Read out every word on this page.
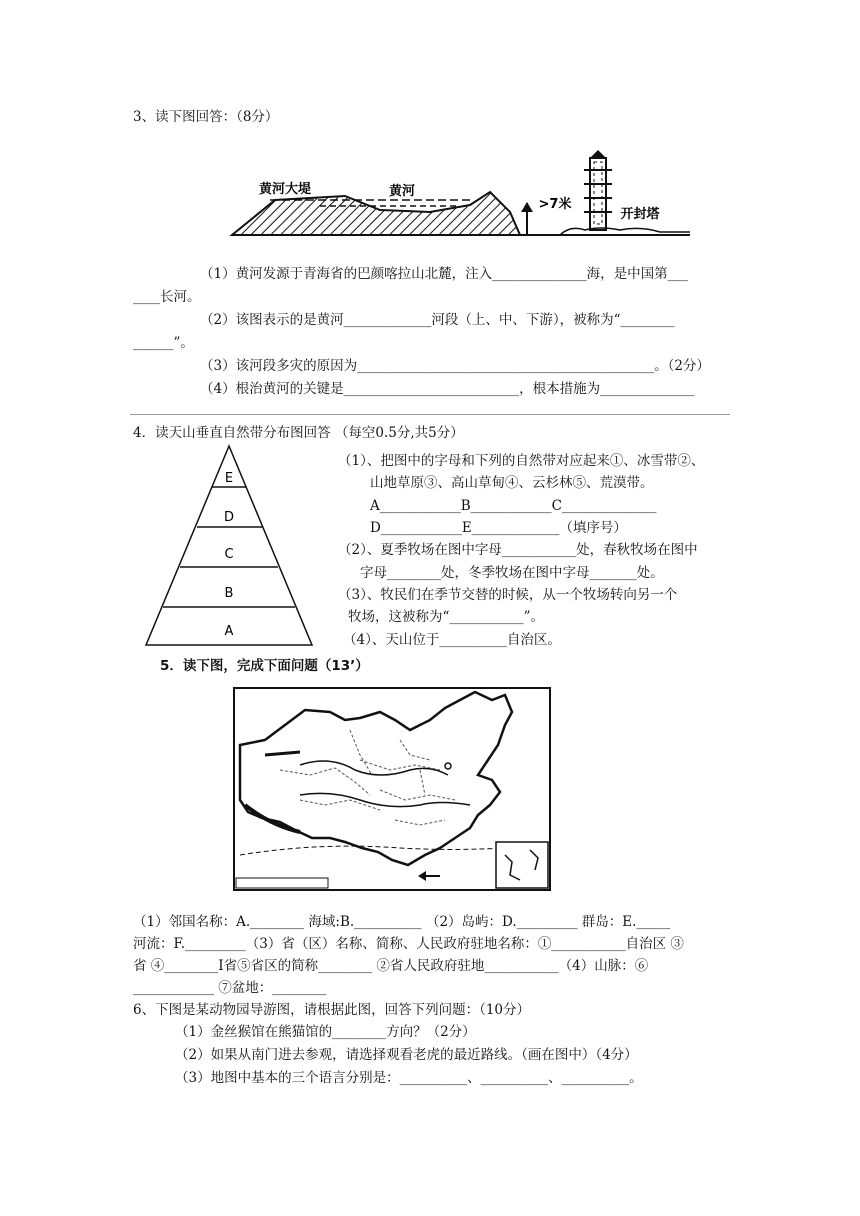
3、读下图回答：（8分）
黄河大堤	黄河
>7米
开封塔
（1）黄河发源于青海省的巴颜喀拉山北麓，注入______________海，是中国第___
____长河。
（2）该图表示的是黄河_____________河段（上、中、下游），被称为“________
______”。
（3）该河段多灾的原因为____________________________________________。（2分）
（4）根治黄河的关键是__________________________，根本措施为______________
4．读天山垂直自然带分布图回答 （每空0.5分,共5分）
E
D
C
B
A
（1）、把图中的字母和下列的自然带对应起来①、冰雪带②、
山地草原③、高山草甸④、云杉林⑤、荒漠带。
A____________B____________C______________
D____________E_____________（填序号）
（2）、夏季牧场在图中字母___________处，春秋牧场在图中
字母________处，冬季牧场在图中字母_______处。
（3）、牧民们在季节交替的时候，从一个牧场转向另一个
牧场，这被称为“___________”。
（4）、天山位于__________自治区。
5．读下图，完成下面问题（13’）
（1）邻国名称：A.________ 海域:B.__________ （2）岛屿：D._________ 群岛：E._____
河流：F._________（3）省（区）名称、简称、人民政府驻地名称：①___________自治区 ③
省 ④________Ⅰ省⑤省区的简称________ ②省人民政府驻地___________（4）山脉：⑥
____________ ⑦盆地：________
6、下图是某动物园导游图，请根据此图，回答下列问题：（10分）
（1）金丝猴馆在熊猫馆的________方向？（2分）
（2）如果从南门进去参观，请选择观看老虎的最近路线。（画在图中）（4分）
（3）地图中基本的三个语言分别是：__________、__________、__________。
